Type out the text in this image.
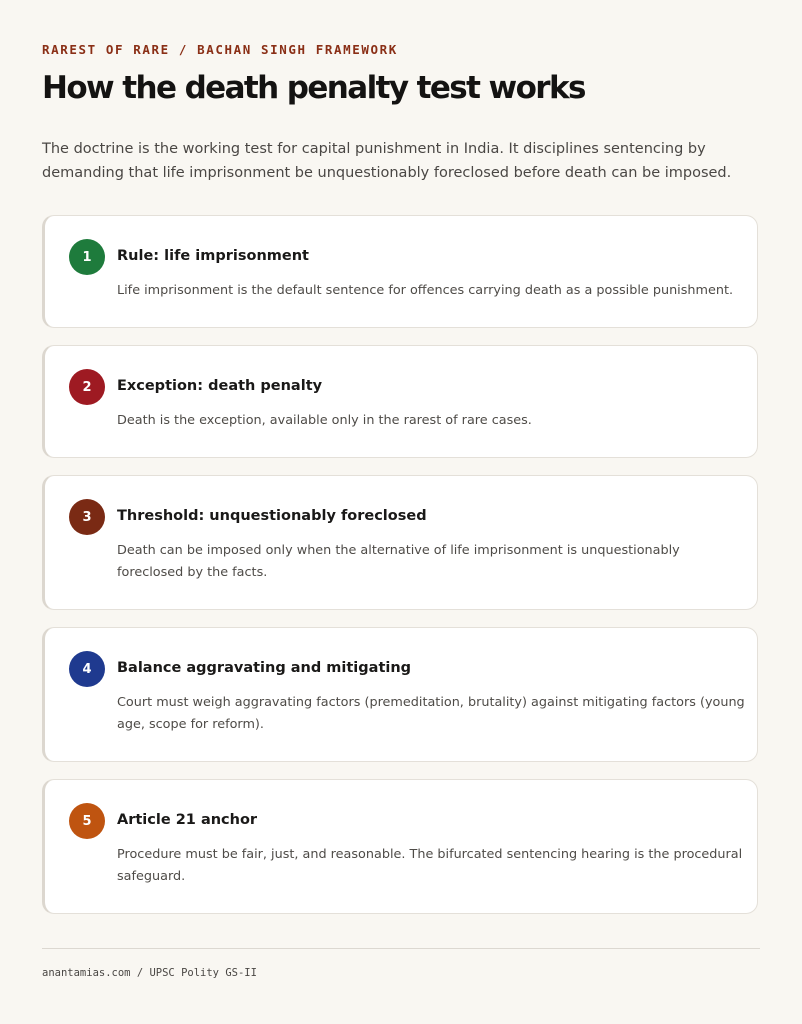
RAREST OF RARE / BACHAN SINGH FRAMEWORK
How the death penalty test works

The doctrine is the working test for capital punishment in India. It disciplines sentencing by demanding that life imprisonment be unquestionably foreclosed before death can be imposed.

1	Rule: life imprisonment

Life imprisonment is the default sentence for offences carrying death as a possible punishment.

2	Exception: death penalty

Death is the exception, available only in the rarest of rare cases.

3	Threshold: unquestionably foreclosed

Death can be imposed only when the alternative of life imprisonment is unquestionably foreclosed by the facts.

4	Balance aggravating and mitigating

Court must weigh aggravating factors (premeditation, brutality) against mitigating factors (young age, scope for reform).

5	Article 21 anchor

Procedure must be fair, just, and reasonable. The bifurcated sentencing hearing is the procedural safeguard.

anantamias.com / UPSC Polity GS-II
